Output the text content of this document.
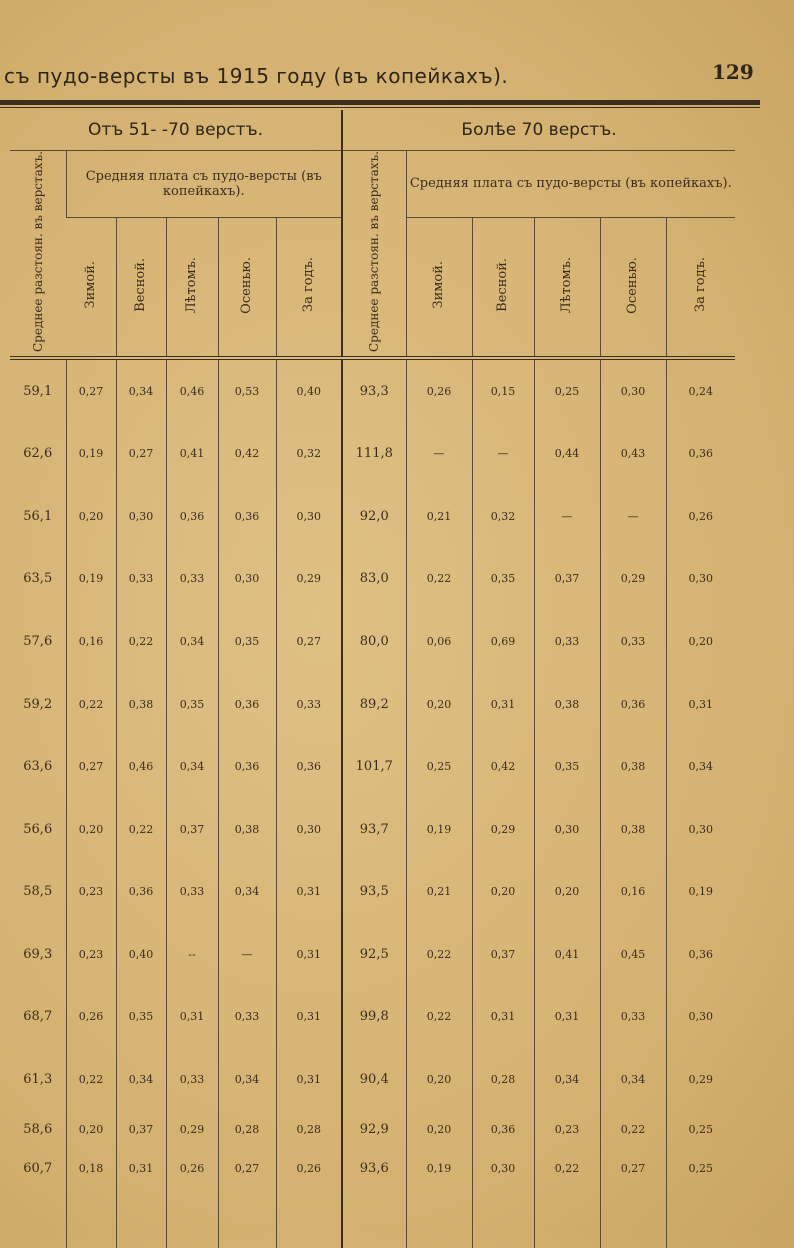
съ пудо-версты въ 1915 году (въ копейкахъ).	129
Отъ 51- -70 верстъ.						Болѣе 70 верстъ.					
Среднее разстоян. въ верстахъ.	Средняя плата съ пудо-версты (въ копейкахъ).					Среднее разстоян. въ верстахъ.	Средняя плата съ пудо-версты (въ копейкахъ).				
	Зимой.	Весной.	Лѣтомъ.	Осенью.	За годъ.		Зимой.	Весной.	Лѣтомъ.	Осенью.	За годъ.
59,1	0,27	0,34	0,46	0,53	0,40	93,3	0,26	0,15	0,25	0,30	0,24
62,6	0,19	0,27	0,41	0,42	0,32	111,8	—	—	0,44	0,43	0,36
56,1	0,20	0,30	0,36	0,36	0,30	92,0	0,21	0,32	—	—	0,26
63,5	0,19	0,33	0,33	0,30	0,29	83,0	0,22	0,35	0,37	0,29	0,30
57,6	0,16	0,22	0,34	0,35	0,27	80,0	0,06	0,69	0,33	0,33	0,20
59,2	0,22	0,38	0,35	0,36	0,33	89,2	0,20	0,31	0,38	0,36	0,31
63,6	0,27	0,46	0,34	0,36	0,36	101,7	0,25	0,42	0,35	0,38	0,34
56,6	0,20	0,22	0,37	0,38	0,30	93,7	0,19	0,29	0,30	0,38	0,30
58,5	0,23	0,36	0,33	0,34	0,31	93,5	0,21	0,20	0,20	0,16	0,19
69,3	0,23	0,40	--	—	0,31	92,5	0,22	0,37	0,41	0,45	0,36
68,7	0,26	0,35	0,31	0,33	0,31	99,8	0,22	0,31	0,31	0,33	0,30
61,3	0,22	0,34	0,33	0,34	0,31	90,4	0,20	0,28	0,34	0,34	0,29
58,6	0,20	0,37	0,29	0,28	0,28	92,9	0,20	0,36	0,23	0,22	0,25
60,7	0,18	0,31	0,26	0,27	0,26	93,6	0,19	0,30	0,22	0,27	0,25
